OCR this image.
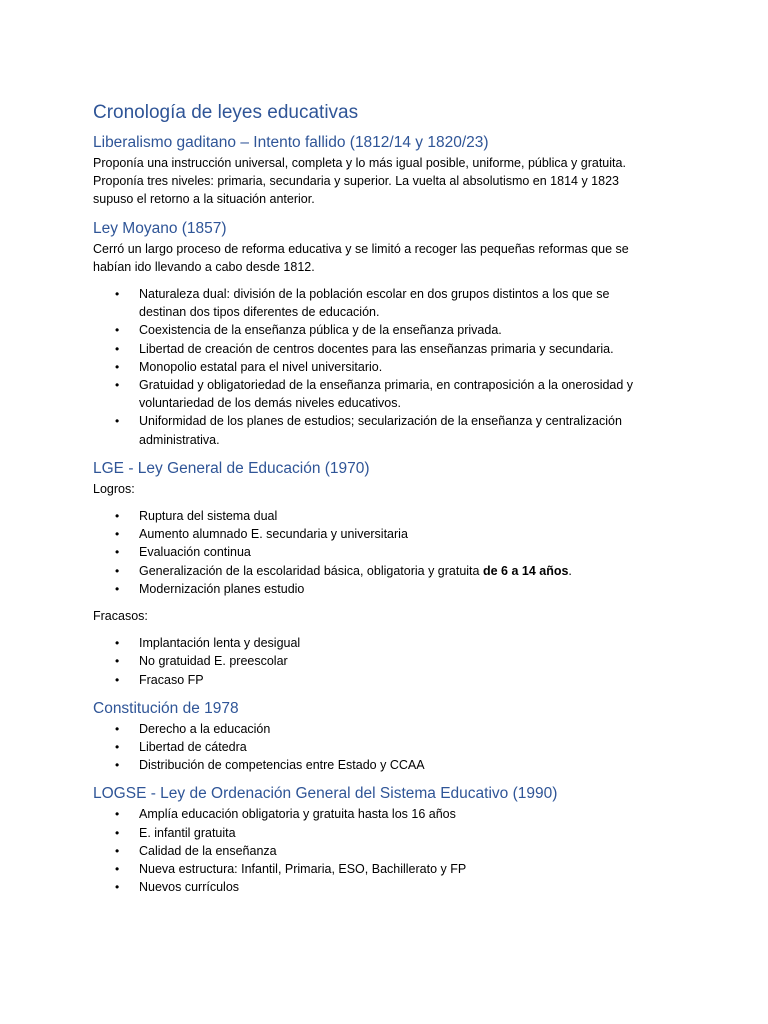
Cronología de leyes educativas
Liberalismo gaditano – Intento fallido (1812/14 y 1820/23)

Proponía una instrucción universal, completa y lo más igual posible, uniforme, pública y gratuita.
Proponía tres niveles: primaria, secundaria y superior. La vuelta al absolutismo en 1814 y 1823
supuso el retorno a la situación anterior.

Ley Moyano (1857)

Cerró un largo proceso de reforma educativa y se limitó a recoger las pequeñas reformas que se
habían ido llevando a cabo desde 1812.

• Naturaleza dual: división de la población escolar en dos grupos distintos a los que se
destinan dos tipos diferentes de educación.
• Coexistencia de la enseñanza pública y de la enseñanza privada.
• Libertad de creación de centros docentes para las enseñanzas primaria y secundaria.
• Monopolio estatal para el nivel universitario.
• Gratuidad y obligatoriedad de la enseñanza primaria, en contraposición a la onerosidad y
voluntariedad de los demás niveles educativos.
• Uniformidad de los planes de estudios; secularización de la enseñanza y centralización
administrativa.
LGE - Ley General de Educación (1970)

Logros:

• Ruptura del sistema dual
• Aumento alumnado E. secundaria y universitaria
• Evaluación continua
• Generalización de la escolaridad básica, obligatoria y gratuita de 6 a 14 años.
• Modernización planes estudio

Fracasos:

• Implantación lenta y desigual
• No gratuidad E. preescolar
• Fracaso FP
Constitución de 1978
• Derecho a la educación
• Libertad de cátedra
• Distribución de competencias entre Estado y CCAA
LOGSE - Ley de Ordenación General del Sistema Educativo (1990)
• Amplía educación obligatoria y gratuita hasta los 16 años
• E. infantil gratuita
• Calidad de la enseñanza
• Nueva estructura: Infantil, Primaria, ESO, Bachillerato y FP
• Nuevos currículos
